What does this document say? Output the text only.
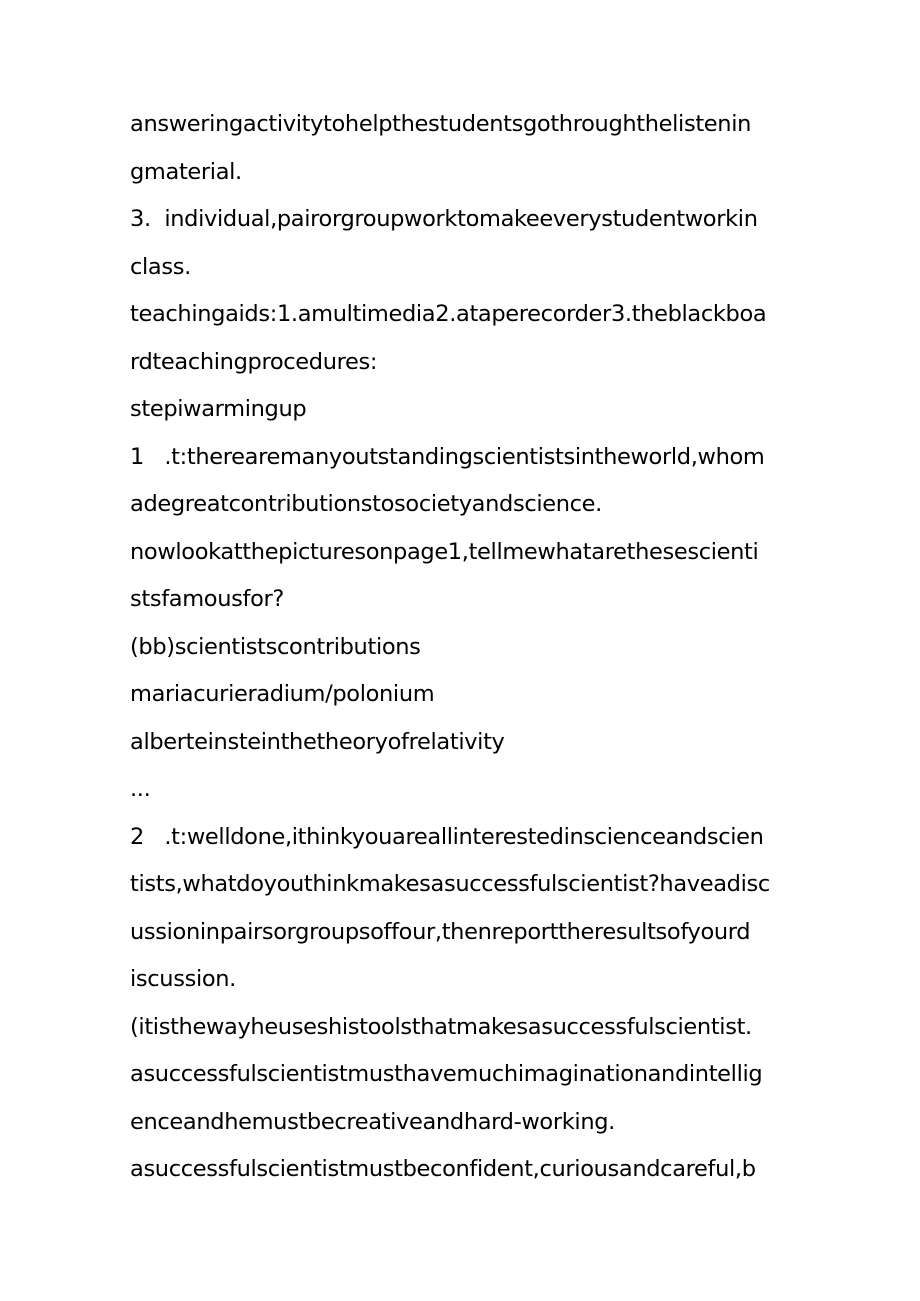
answeringactivitytohelpthestudentsgothroughthelistenin
gmaterial.
3.  individual,pairorgroupworktomakeeverystudentworkin
class.
teachingaids:1.amultimedia2.ataperecorder3.theblackboa
rdteachingprocedures:
stepiwarmingup
1   .t:therearemanyoutstandingscientistsintheworld,whom
adegreatcontributionstosocietyandscience.
nowlookatthepicturesonpage1,tellmewhatarethesescienti
stsfamousfor?
(bb)scientistscontributions
mariacurieradium/polonium
alberteinsteinthetheoryofrelativity
...
2   .t:welldone,ithinkyouareallinterestedinscienceandscien
tists,whatdoyouthinkmakesasuccessfulscientist?haveadisc
ussioninpairsorgroupsoffour,thenreporttheresultsofyourd
iscussion.
(itisthewayheuseshistoolsthatmakesasuccessfulscientist.
asuccessfulscientistmusthavemuchimaginationandintellig
enceandhemustbecreativeandhard-working.
asuccessfulscientistmustbeconfident,curiousandcareful,b
